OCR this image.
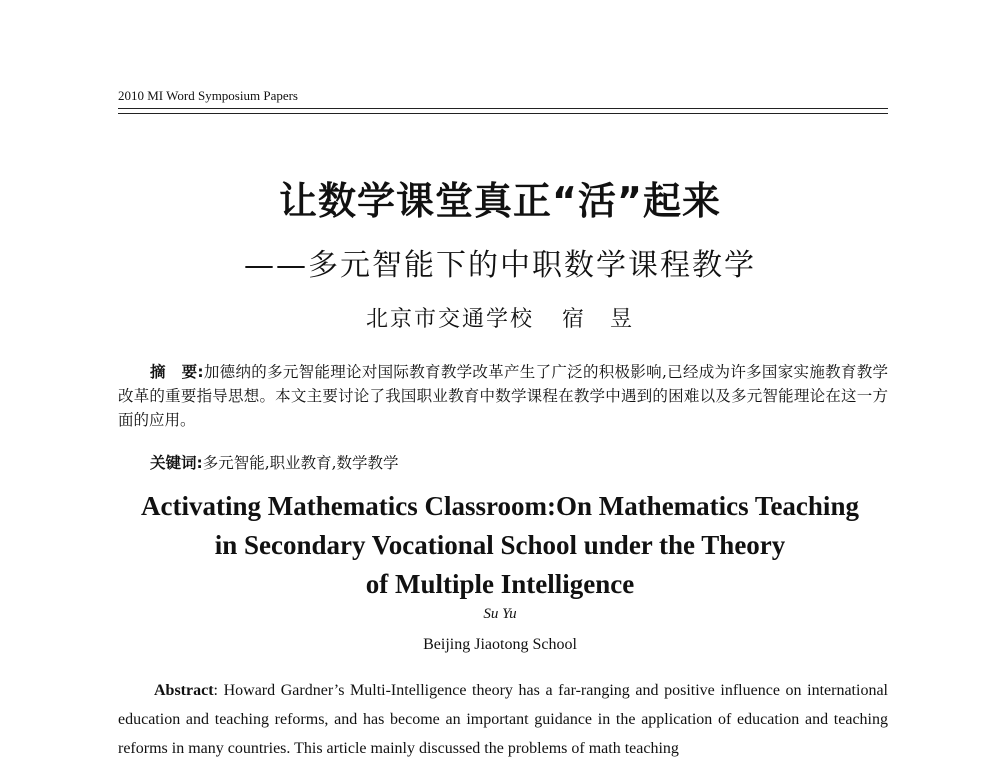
2010 MI Word Symposium Papers
让数学课堂真正“活”起来
——多元智能下的中职数学课程教学
北京市交通学校 宿　昱
摘　要:加德纳的多元智能理论对国际教育教学改革产生了广泛的积极影响,已经成为许多国家实施教育教学改革的重要指导思想。本文主要讨论了我国职业教育中数学课程在教学中遇到的困难以及多元智能理论在这一方面的应用。
关键词:多元智能,职业教育,数学教学
Activating Mathematics Classroom:On Mathematics Teaching
in Secondary Vocational School under the Theory
of Multiple Intelligence
Su Yu
Beijing Jiaotong School
Abstract: Howard Gardner’s Multi-Intelligence theory has a far-ranging and positive influence on international education and teaching reforms, and has become an important guidance in the application of education and teaching reforms in many countries. This article mainly discussed the problems of math teaching
